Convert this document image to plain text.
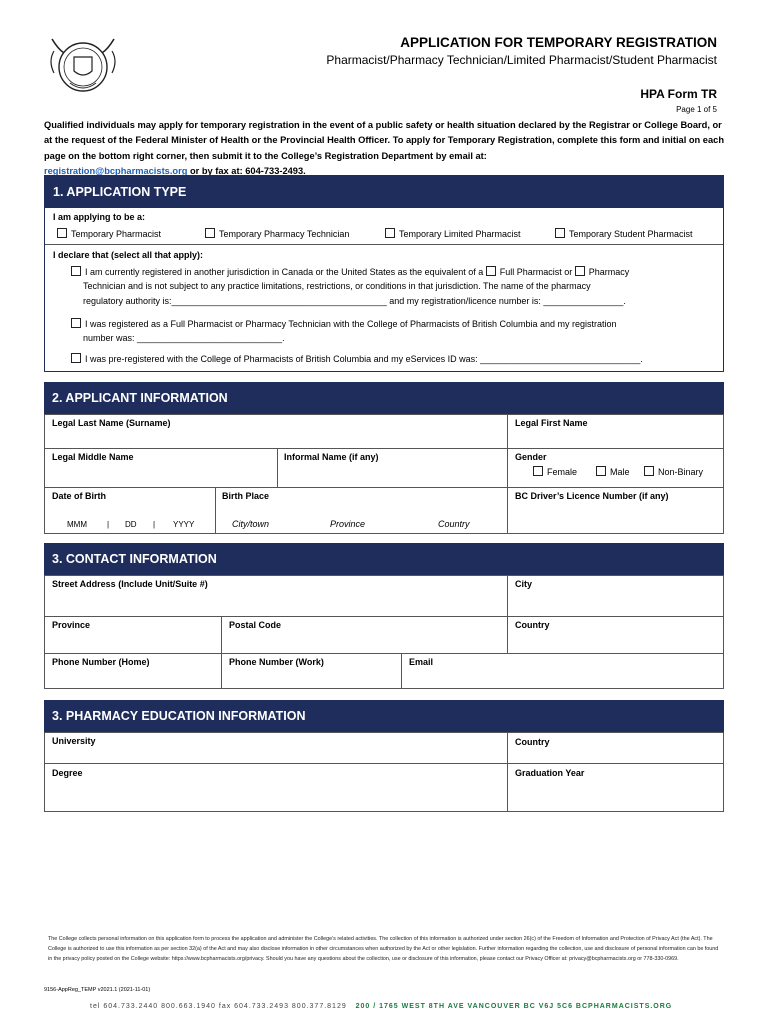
APPLICATION FOR TEMPORARY REGISTRATION
Pharmacist/Pharmacy Technician/Limited Pharmacist/Student Pharmacist
HPA Form TR
Page 1 of 5
Qualified individuals may apply for temporary registration in the event of a public safety or health situation declared by the Registrar or College Board, or at the request of the Federal Minister of Health or the Provincial Health Officer. To apply for Temporary Registration, complete this form and initial on each page on the bottom right corner, then submit it to the College’s Registration Department by email at:
registration@bcpharmacists.org or by fax at: 604-733-2493.
1. APPLICATION TYPE
I am applying to be a:
Temporary Pharmacist	Temporary Pharmacy Technician	Temporary Limited Pharmacist	Temporary Student Pharmacist
I declare that (select all that apply):
I am currently registered in another jurisdiction in Canada or the United States as the equivalent of a Full Pharmacist or Pharmacy
Technician and is not subject to any practice limitations, restrictions, or conditions in that jurisdiction. The name of the pharmacy
regulatory authority is:___________________________________________ and my registration/licence number is: ________________.
I was registered as a Full Pharmacist or Pharmacy Technician with the College of Pharmacists of British Columbia and my registration
number was: _____________________________.
I was pre-registered with the College of Pharmacists of British Columbia and my eServices ID was: ________________________________.
2. APPLICANT INFORMATION
Legal Last Name (Surname)	Legal First Name
Legal Middle Name	Informal Name (if any)	Gender
Female	Male	Non-Binary
Date of Birth
MMM	| DD | YYYY
Birth Place
City/town	Province	Country
BC Driver’s Licence Number (if any)
3. CONTACT INFORMATION
Street Address (Include Unit/Suite #)	City
Province	Postal Code	Country
Phone Number (Home)	Phone Number (Work)	Email
3. PHARMACY EDUCATION INFORMATION
University	Country
Degree	Graduation Year
The College collects personal information on this application form to process the application and administer the College’s related activities. The collection of this information is authorized under section 26(c) of the Freedom of Information and Protection of Privacy Act (the Act). The College is authorized to use this information as per section 32(a) of the Act and may also disclose information in other circumstances when authorized by the Act or other legislation. Further information regarding the collection, use and disclosure of personal information can be found in the privacy policy posted on the College website: https://www.bcpharmacists.org/privacy. Should you have any questions about the collection, use or disclosure of this information, please contact our Privacy Officer at: privacy@bcpharmacists.org or 778-330-0969.
9156-AppReg_TEMP v2021.1 (2021-11-01)
tel 604.733.2440 800.663.1940 fax 604.733.2493 800.377.8129 200 / 1765 WEST 8TH AVE VANCOUVER BC V6J 5C6 BCPHARMACISTS.ORG
